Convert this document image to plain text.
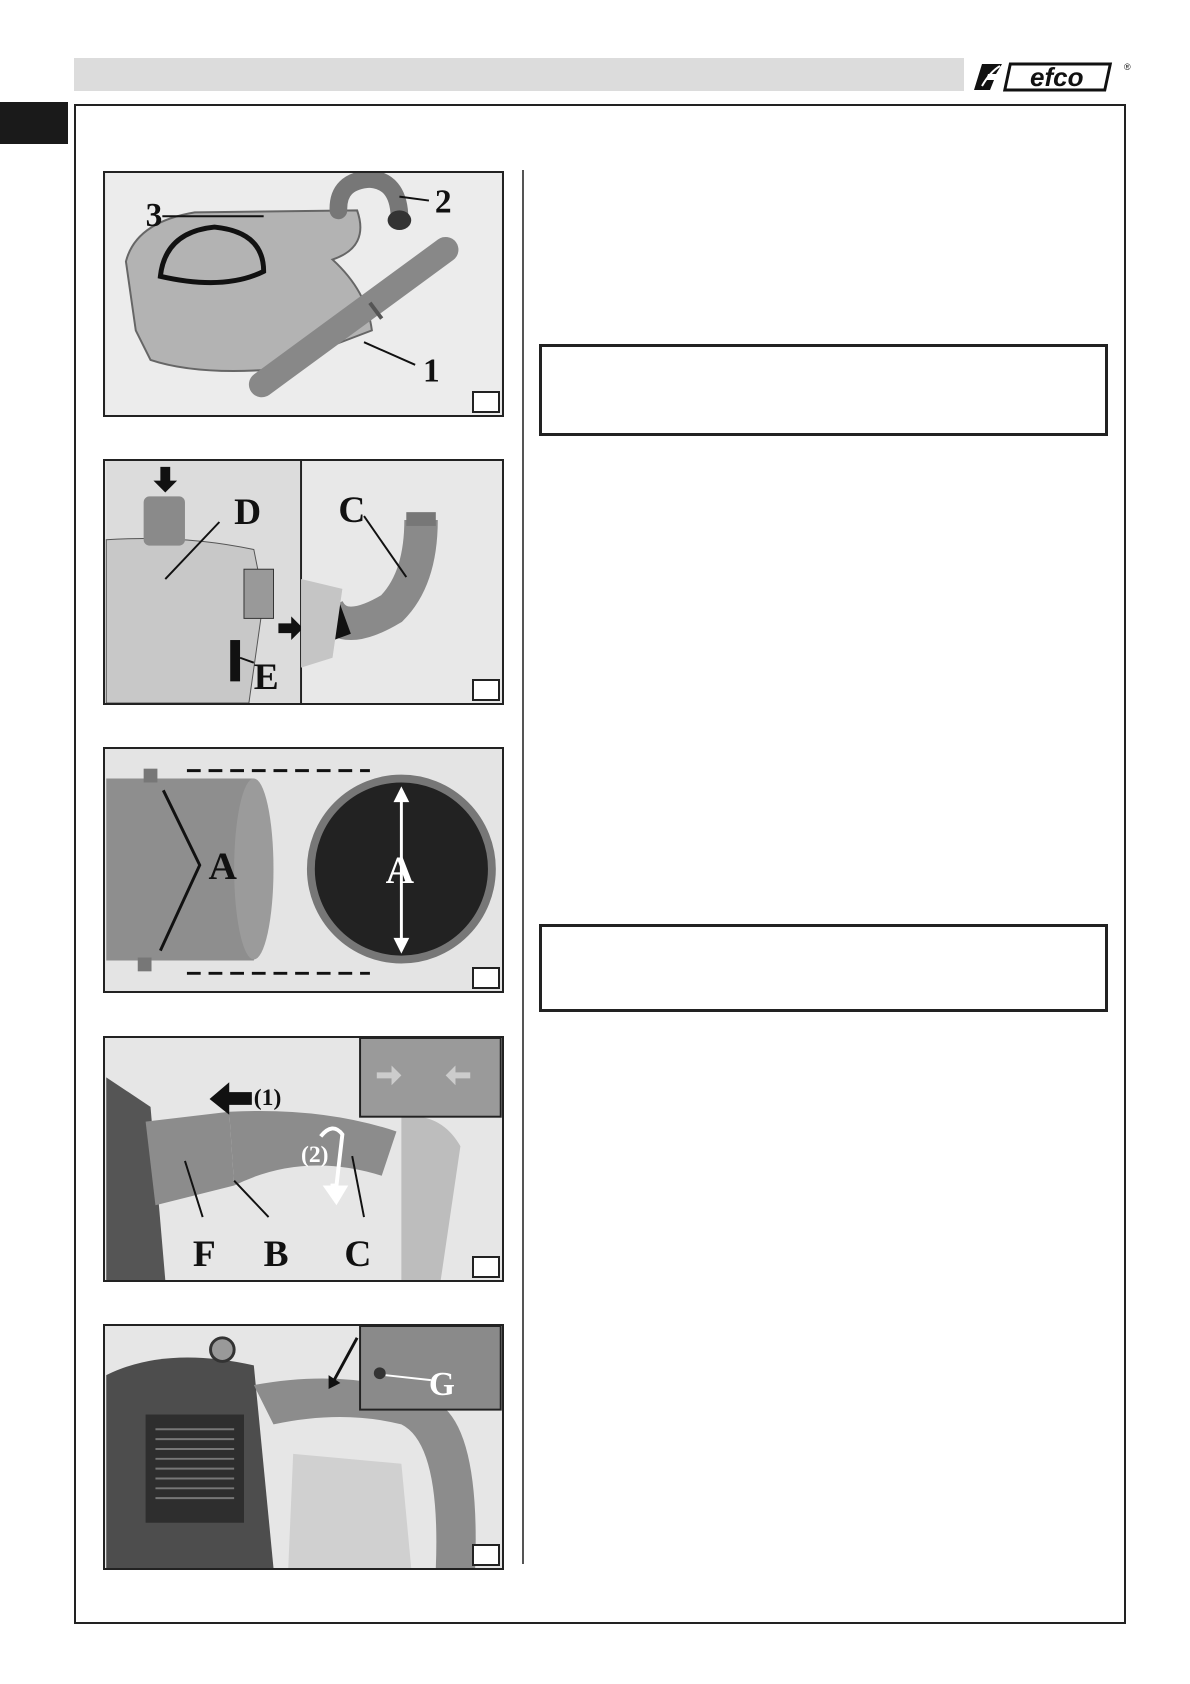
efco	®
3	2
1
D
E
C
A	A
(1)
(2)
F B C
G
